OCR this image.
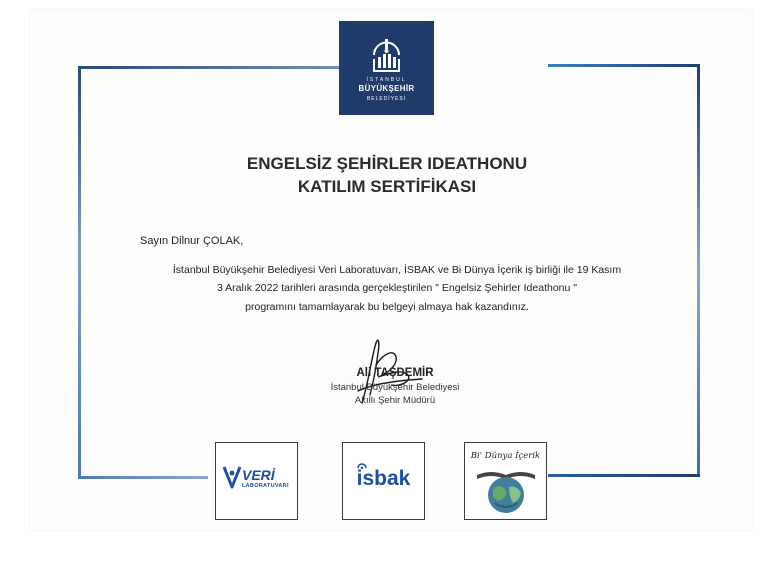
İSTANBUL
BÜYÜKŞEHİR
BELEDİYESİ
ENGELSİZ ŞEHİRLER IDEATHONU
KATILIM SERTİFİKASI
Sayın Dilnur ÇOLAK,
İstanbul Büyükşehir Belediyesi Veri Laboratuvarı, İSBAK ve Bi Dünya İçerik iş birliği ile 19 Kasım
3 Aralık 2022 tarihleri arasında gerçekleştirilen " Engelsiz Şehirler Ideathonu "
programını tamamlayarak bu belgeyi almaya hak kazandınız.
Ali TAŞDEMİR
İstanbul Büyükşehir Belediyesi
Akıllı Şehir Müdürü
VERİ
LABORATUVARI	isbak
Bi' Dünya İçerik
